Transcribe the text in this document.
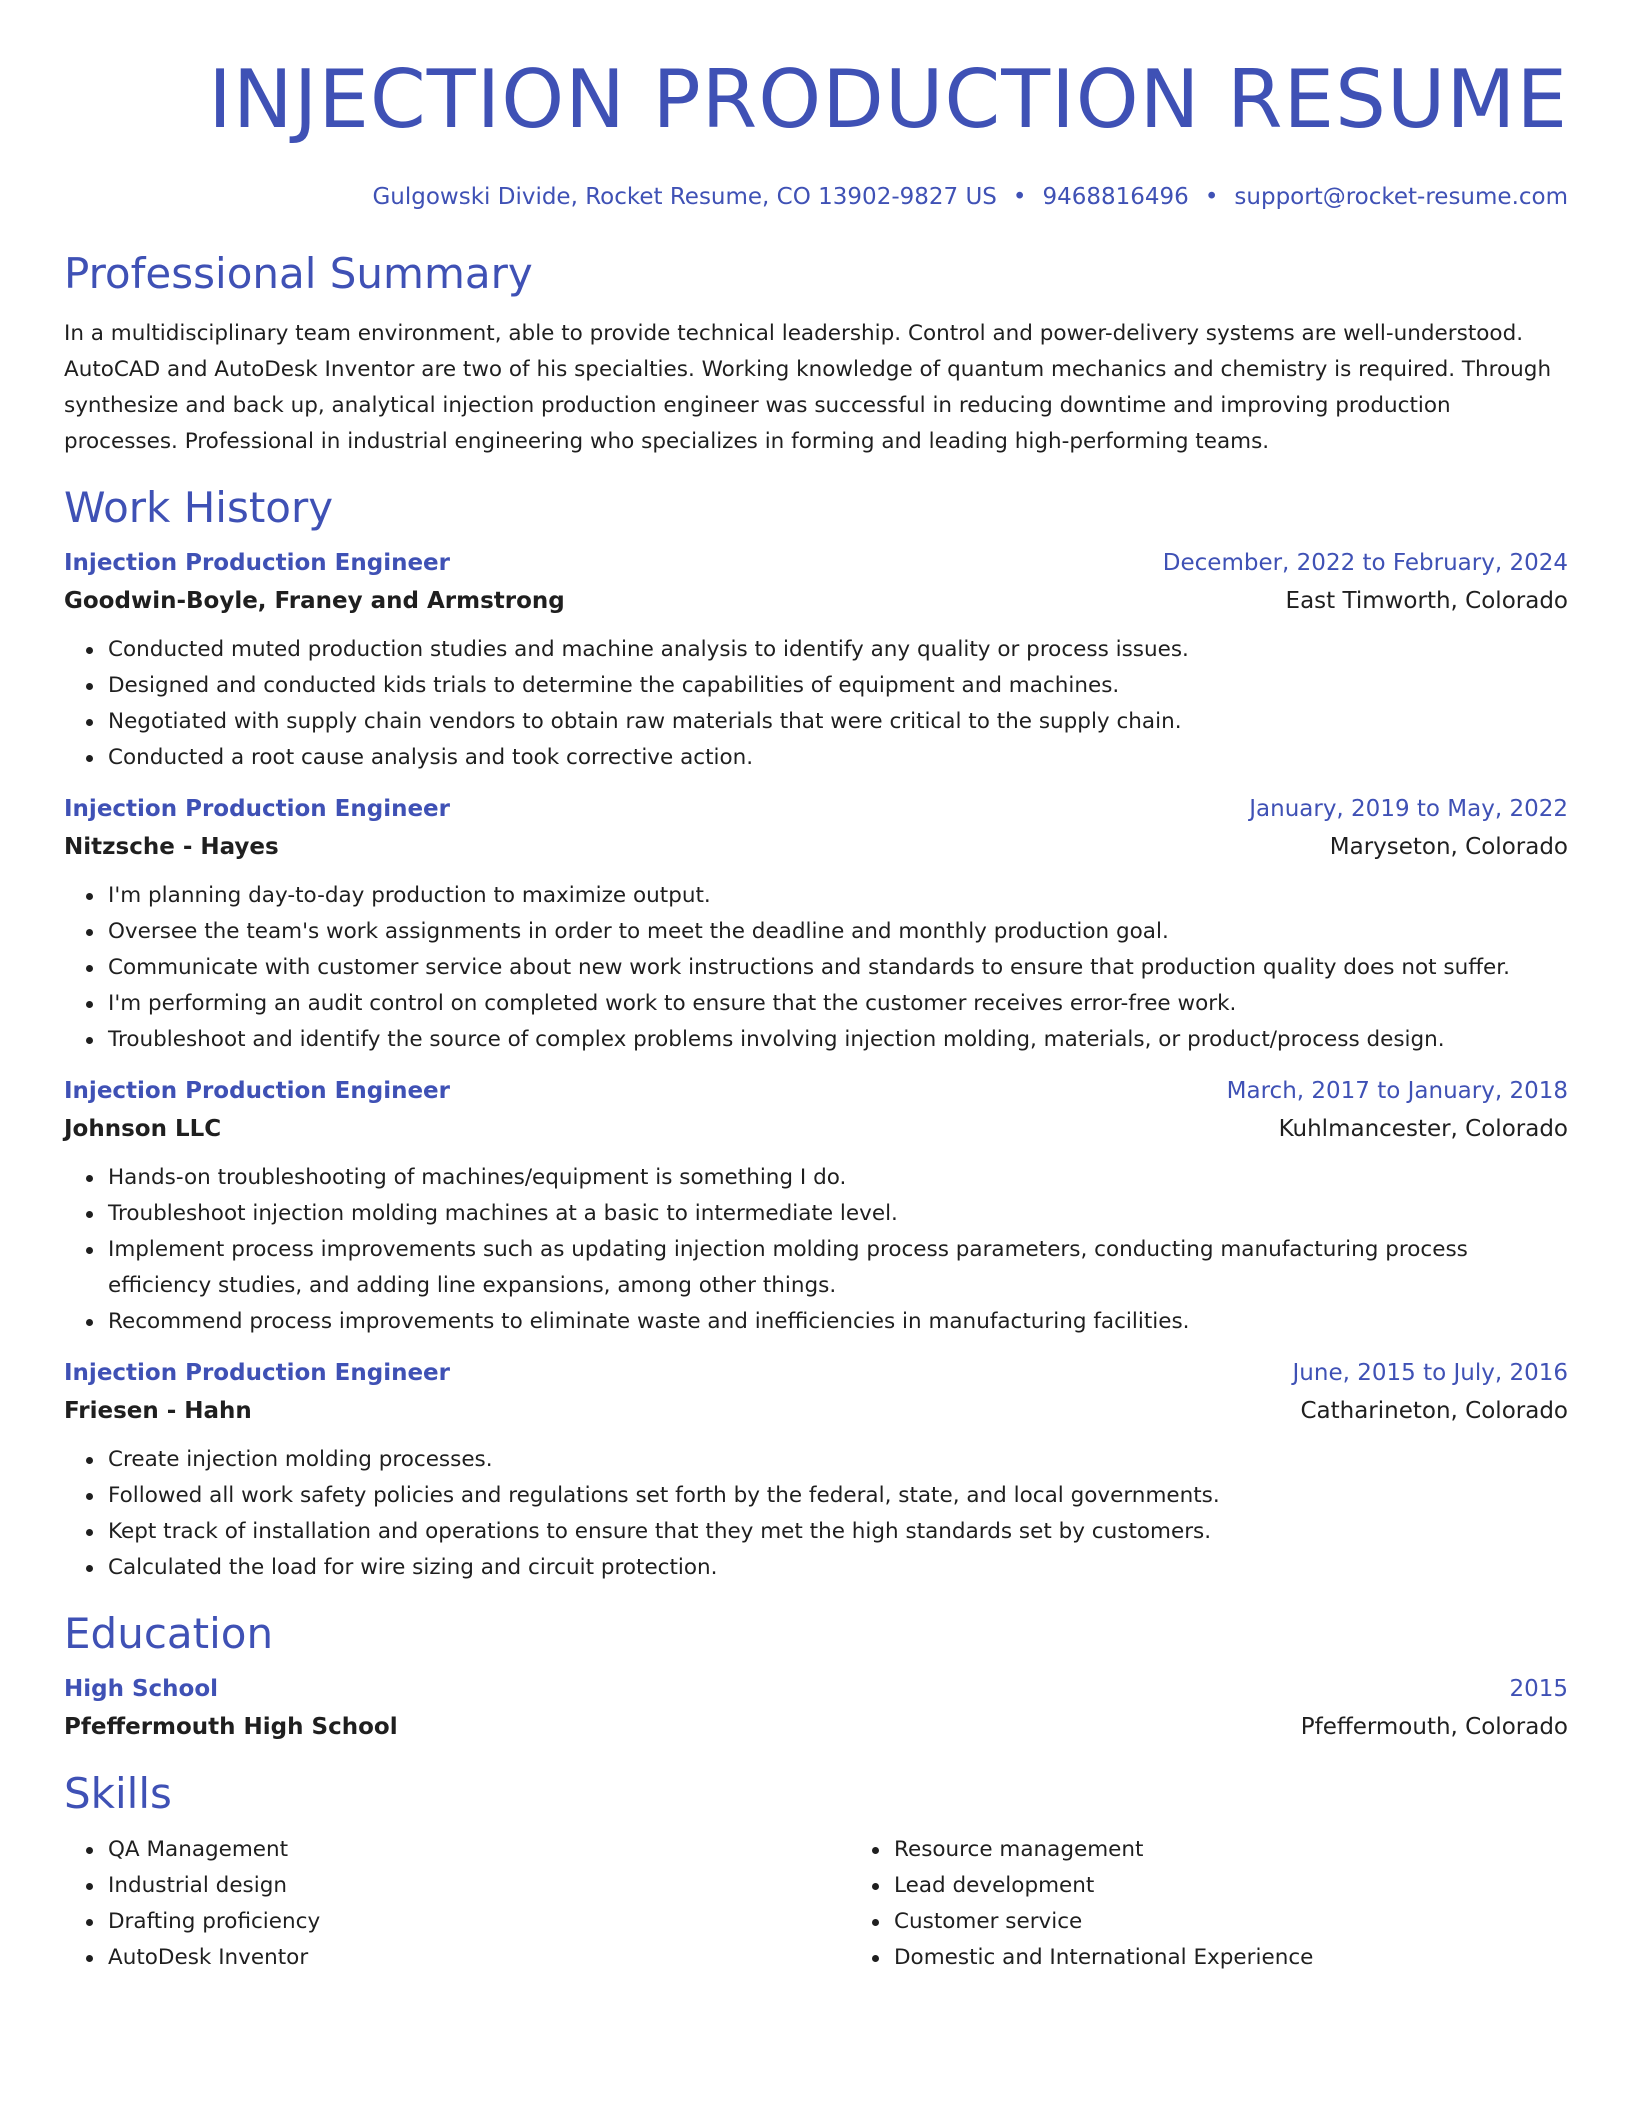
INJECTION PRODUCTION RESUME
Gulgowski Divide, Rocket Resume, CO 13902-9827 US • 9468816496 • support@rocket-resume.com
Professional Summary

In a multidisciplinary team environment, able to provide technical leadership. Control and power-delivery systems are well-understood. AutoCAD and AutoDesk Inventor are two of his specialties. Working knowledge of quantum mechanics and chemistry is required. Through synthesize and back up, analytical injection production engineer was successful in reducing downtime and improving production processes. Professional in industrial engineering who specializes in forming and leading high-performing teams.

Work History
Injection Production Engineer	December, 2022 to February, 2024
Goodwin-Boyle, Franey and Armstrong	East Timworth, Colorado
Conducted muted production studies and machine analysis to identify any quality or process issues.
Designed and conducted kids trials to determine the capabilities of equipment and machines.
Negotiated with supply chain vendors to obtain raw materials that were critical to the supply chain.
Conducted a root cause analysis and took corrective action.
Injection Production Engineer	January, 2019 to May, 2022
Nitzsche - Hayes	Maryseton, Colorado
I'm planning day-to-day production to maximize output.
Oversee the team's work assignments in order to meet the deadline and monthly production goal.
Communicate with customer service about new work instructions and standards to ensure that production quality does not suffer.
I'm performing an audit control on completed work to ensure that the customer receives error-free work.
Troubleshoot and identify the source of complex problems involving injection molding, materials, or product/process design.
Injection Production Engineer	March, 2017 to January, 2018
Johnson LLC	Kuhlmancester, Colorado
Hands-on troubleshooting of machines/equipment is something I do.
Troubleshoot injection molding machines at a basic to intermediate level.
Implement process improvements such as updating injection molding process parameters, conducting manufacturing process efficiency studies, and adding line expansions, among other things.
Recommend process improvements to eliminate waste and inefficiencies in manufacturing facilities.
Injection Production Engineer	June, 2015 to July, 2016
Friesen - Hahn	Catharineton, Colorado
Create injection molding processes.
Followed all work safety policies and regulations set forth by the federal, state, and local governments.
Kept track of installation and operations to ensure that they met the high standards set by customers.
Calculated the load for wire sizing and circuit protection.
Education
High School	2015
Pfeffermouth High School	Pfeffermouth, Colorado
Skills
QA Management
Industrial design
Drafting proficiency
AutoDesk Inventor
Resource management
Lead development
Customer service
Domestic and International Experience
